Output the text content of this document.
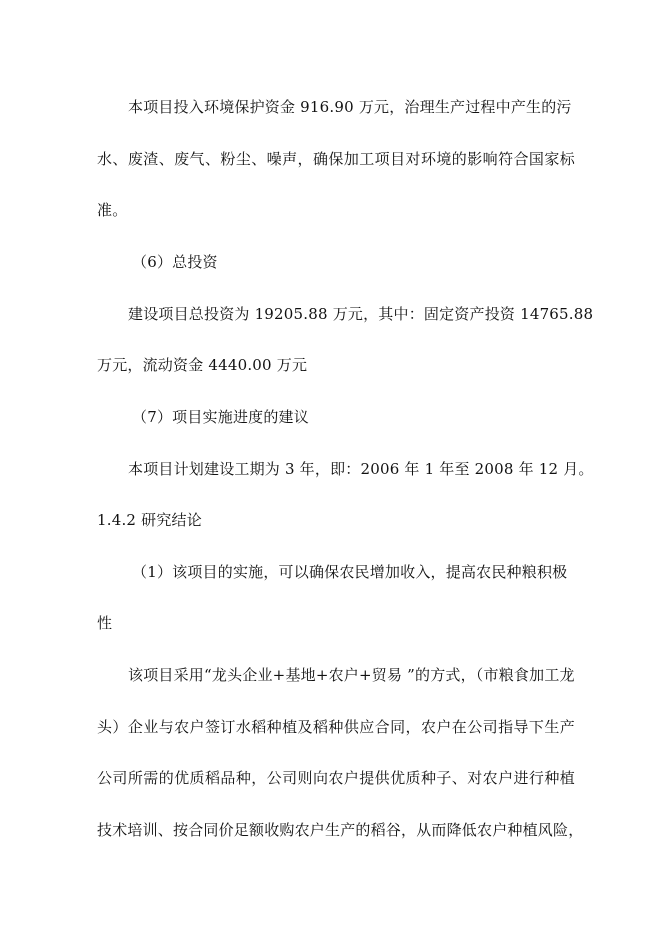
本项目投入环境保护资金 916.90 万元，治理生产过程中产生的污
水、废渣、废气、粉尘、噪声，确保加工项目对环境的影响符合国家标
准。
（6）总投资
建设项目总投资为 19205.88 万元，其中：固定资产投资 14765.88
万元，流动资金 4440.00 万元
（7）项目实施进度的建议
本项目计划建设工期为 3 年，即：2006 年 1 年至 2008 年 12 月。
1.4.2 研究结论
（1）该项目的实施，可以确保农民增加收入，提高农民种粮积极
性
该项目采用“龙头企业+基地+农户+贸易 ”的方式，（市粮食加工龙
头）企业与农户签订水稻种植及稻种供应合同，农户在公司指导下生产
公司所需的优质稻品种，公司则向农户提供优质种子、对农户进行种植
技术培训、按合同价足额收购农户生产的稻谷，从而降低农户种植风险，
